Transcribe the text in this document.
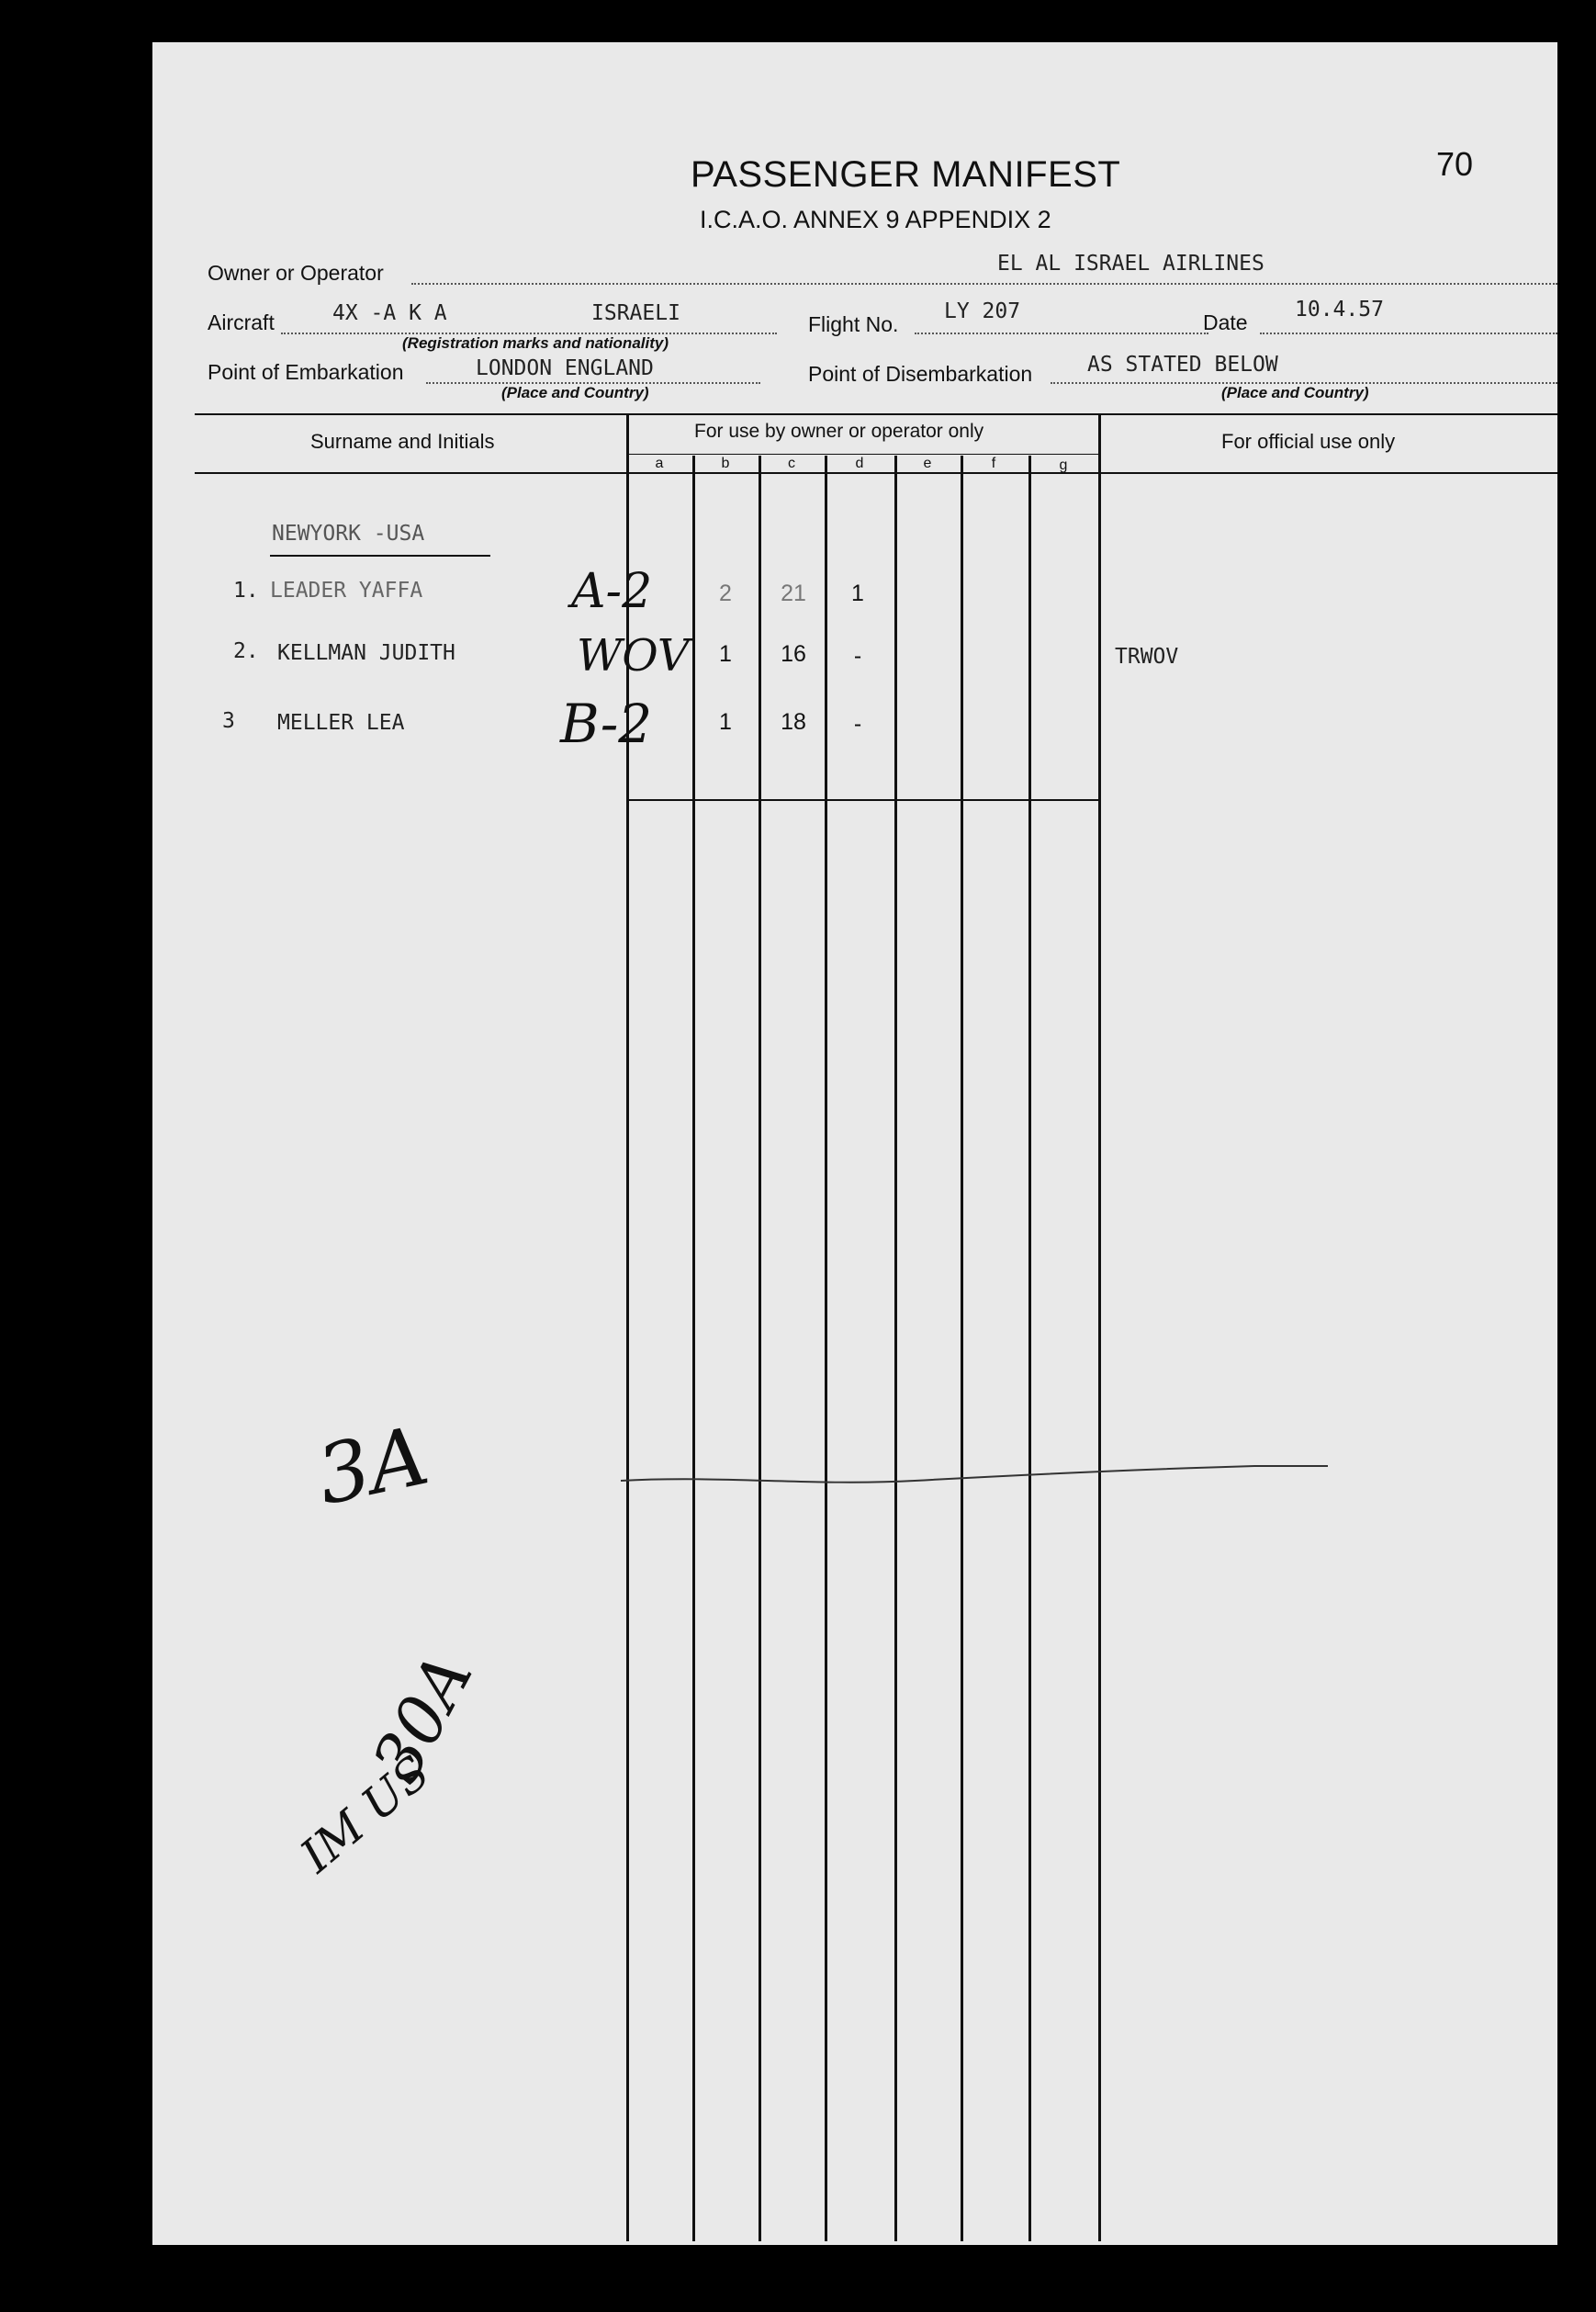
PASSENGER MANIFEST
I.C.A.O. ANNEX 9 APPENDIX 2
70
Owner or Operator	EL AL ISRAEL AIRLINES
Aircraft	4X -A K A	ISRAELI
(Registration marks and nationality)
Flight No.
LY 207	Date
10.4.57
Point of Embarkation	LONDON ENGLAND
(Place and Country)
Point of Disembarkation	AS STATED BELOW
(Place and Country)
Surname and Initials	For use by owner or operator only	For official use only
a	b	c	d	e	f	g
NEWYORK -USA
1. LEADER YAFFA	A-2	2	21	1
2. KELLMAN JUDITH	WOV	1	16	-	TRWOV
3 MELLER LEA	B-2	1	18	-
3A
30A
IM US
